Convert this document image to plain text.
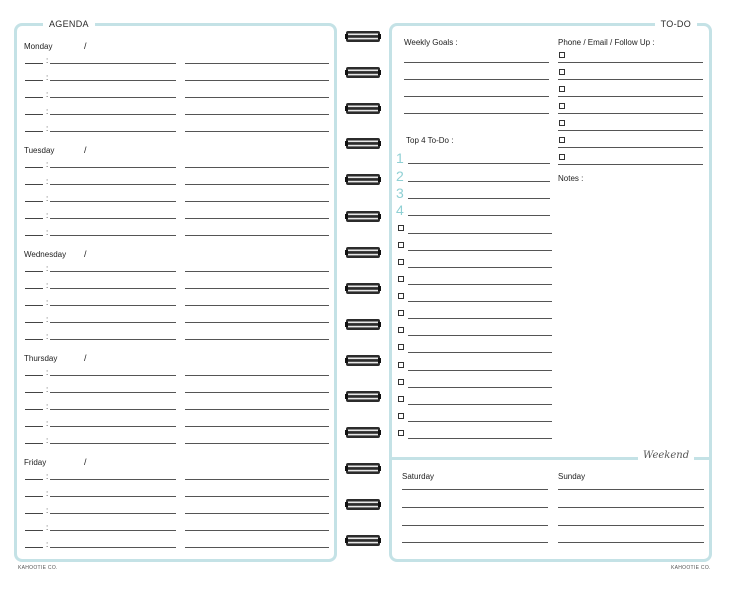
AGENDA
Monday	/
:
:
:
:
:
Tuesday	/
:
:
:
:
:
Wednesday /
:
:
:
:
:
Thursday	/
:
:
:
:
:
Friday	/
:
:
:
:
:
TO-DO
Weekly Goals :
Top 4 To-Do :
1
2
3
4
Phone / Email / Follow Up :
Notes :
Weekend
Saturday	Sunday
KAHOOTIE CO.	KAHOOTIE CO.
